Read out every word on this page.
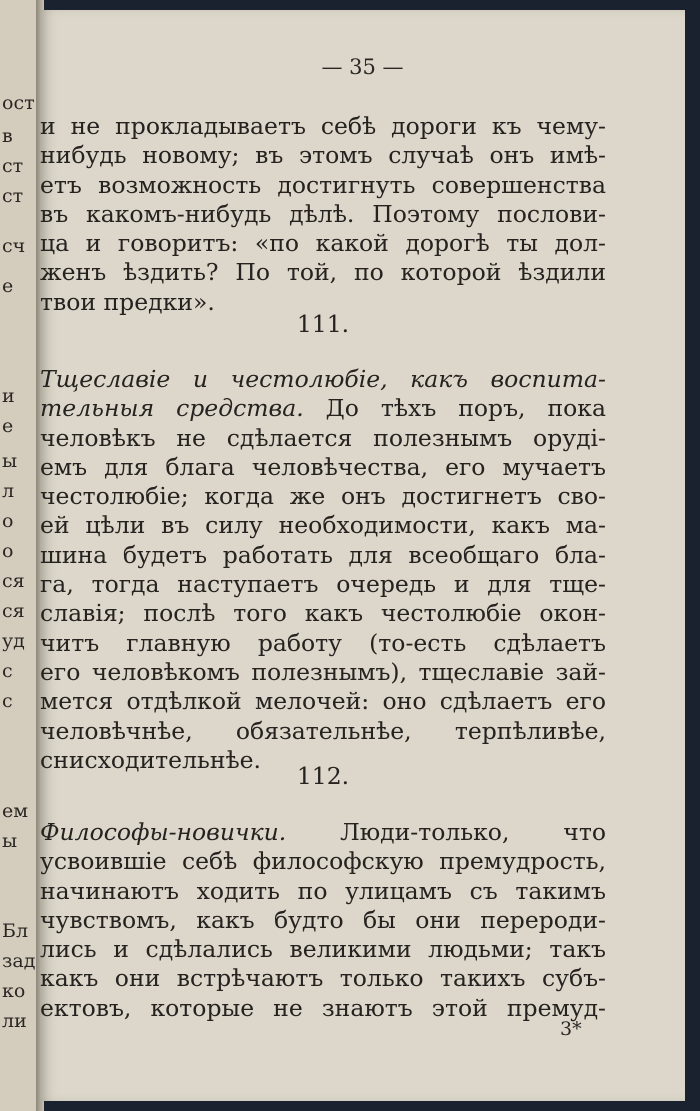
ост
в
ст
ст
сч
е
и
е
ы
л
о
о
ся
ся
уд
с
с
ем
ы
Бл
зад
ко
ли
— 35 —
и не прокладываетъ себѣ дороги къ чему-
нибудь новому; въ этомъ случаѣ онъ имѣ-
етъ возможность достигнуть совершенства
въ какомъ-нибудь дѣлѣ. Поэтому послови-
ца и говоритъ: «по какой дорогѣ ты дол-
женъ ѣздить? По той, по которой ѣздили
твои предки».
111.
Тщеславіе и честолюбіе, какъ воспита-
тельныя средства. До тѣхъ поръ, пока
человѣкъ не сдѣлается полезнымъ оруді-
емъ для блага человѣчества, его мучаетъ
честолюбіе; когда же онъ достигнетъ сво-
ей цѣли въ силу необходимости, какъ ма-
шина будетъ работать для всеобщаго бла-
га, тогда наступаетъ очередь и для тще-
славія; послѣ того какъ честолюбіе окон-
читъ главную работу (то-есть сдѣлаетъ
его человѣкомъ полезнымъ), тщеславіе зай-
мется отдѣлкой мелочей: оно сдѣлаетъ его
человѣчнѣе, обязательнѣе, терпѣливѣе,
снисходительнѣе.
112.
Философы-новички. Люди-только, что
усвоившіе себѣ философскую премудрость,
начинаютъ ходить по улицамъ съ такимъ
чувствомъ, какъ будто бы они перероди-
лись и сдѣлались великими людьми; такъ
какъ они встрѣчаютъ только такихъ субъ-
ектовъ, которые не знаютъ этой премуд-
3*
